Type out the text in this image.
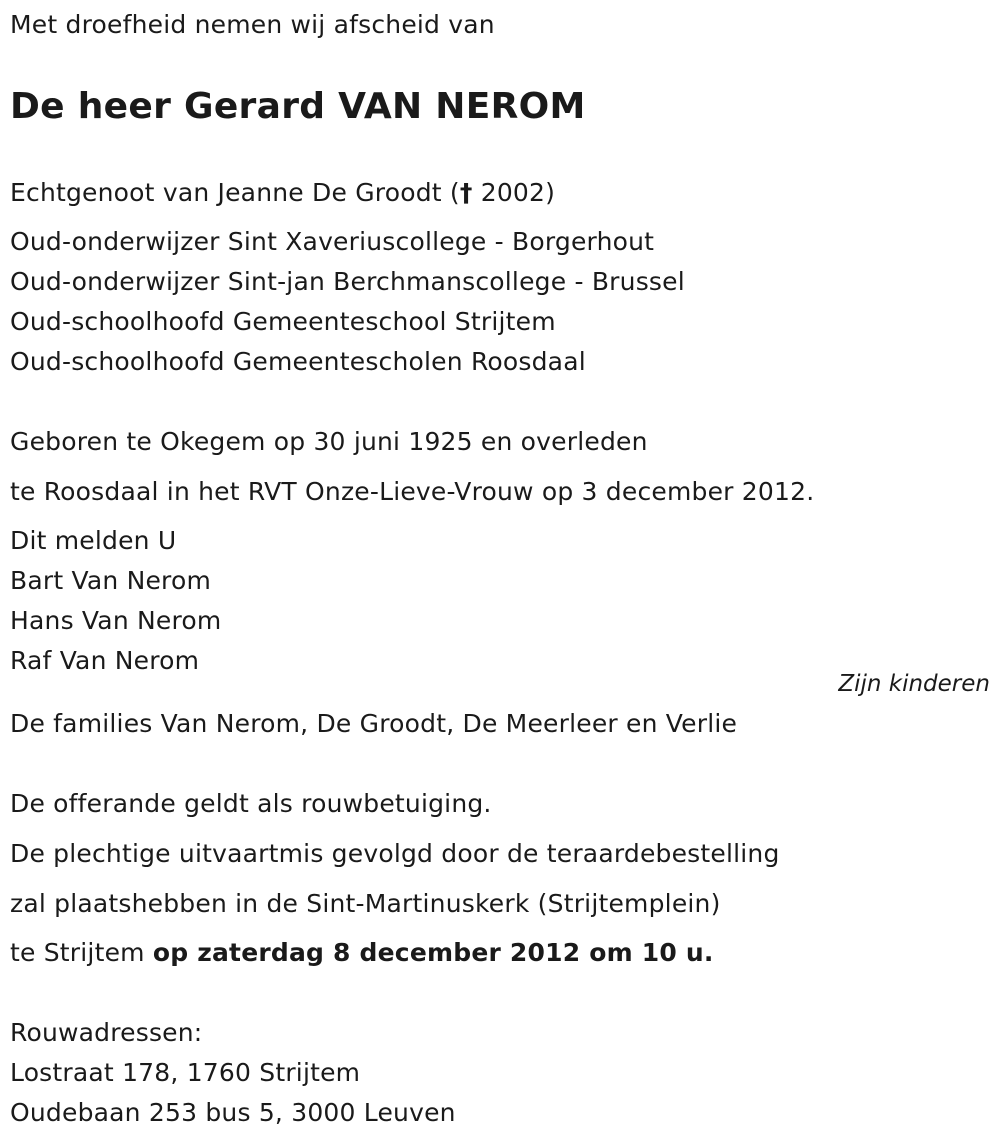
Met droefheid nemen wij afscheid van
De heer Gerard VAN NEROM
Echtgenoot van Jeanne De Groodt († 2002)
Oud-onderwijzer Sint Xaveriuscollege - Borgerhout
Oud-onderwijzer Sint-jan Berchmanscollege - Brussel
Oud-schoolhoofd Gemeenteschool Strijtem
Oud-schoolhoofd Gemeentescholen Roosdaal
Geboren te Okegem op 30 juni 1925 en overleden
te Roosdaal in het RVT Onze-Lieve-Vrouw op 3 december 2012.
Dit melden U
Bart Van Nerom
Hans Van Nerom
Raf Van Nerom
Zijn kinderen
De families Van Nerom, De Groodt, De Meerleer en Verlie
De offerande geldt als rouwbetuiging.
De plechtige uitvaartmis gevolgd door de teraardebestelling
zal plaatshebben in de Sint-Martinuskerk (Strijtemplein)
te Strijtem op zaterdag 8 december 2012 om 10 u.
Rouwadressen:
Lostraat 178, 1760 Strijtem
Oudebaan 253 bus 5, 3000 Leuven
